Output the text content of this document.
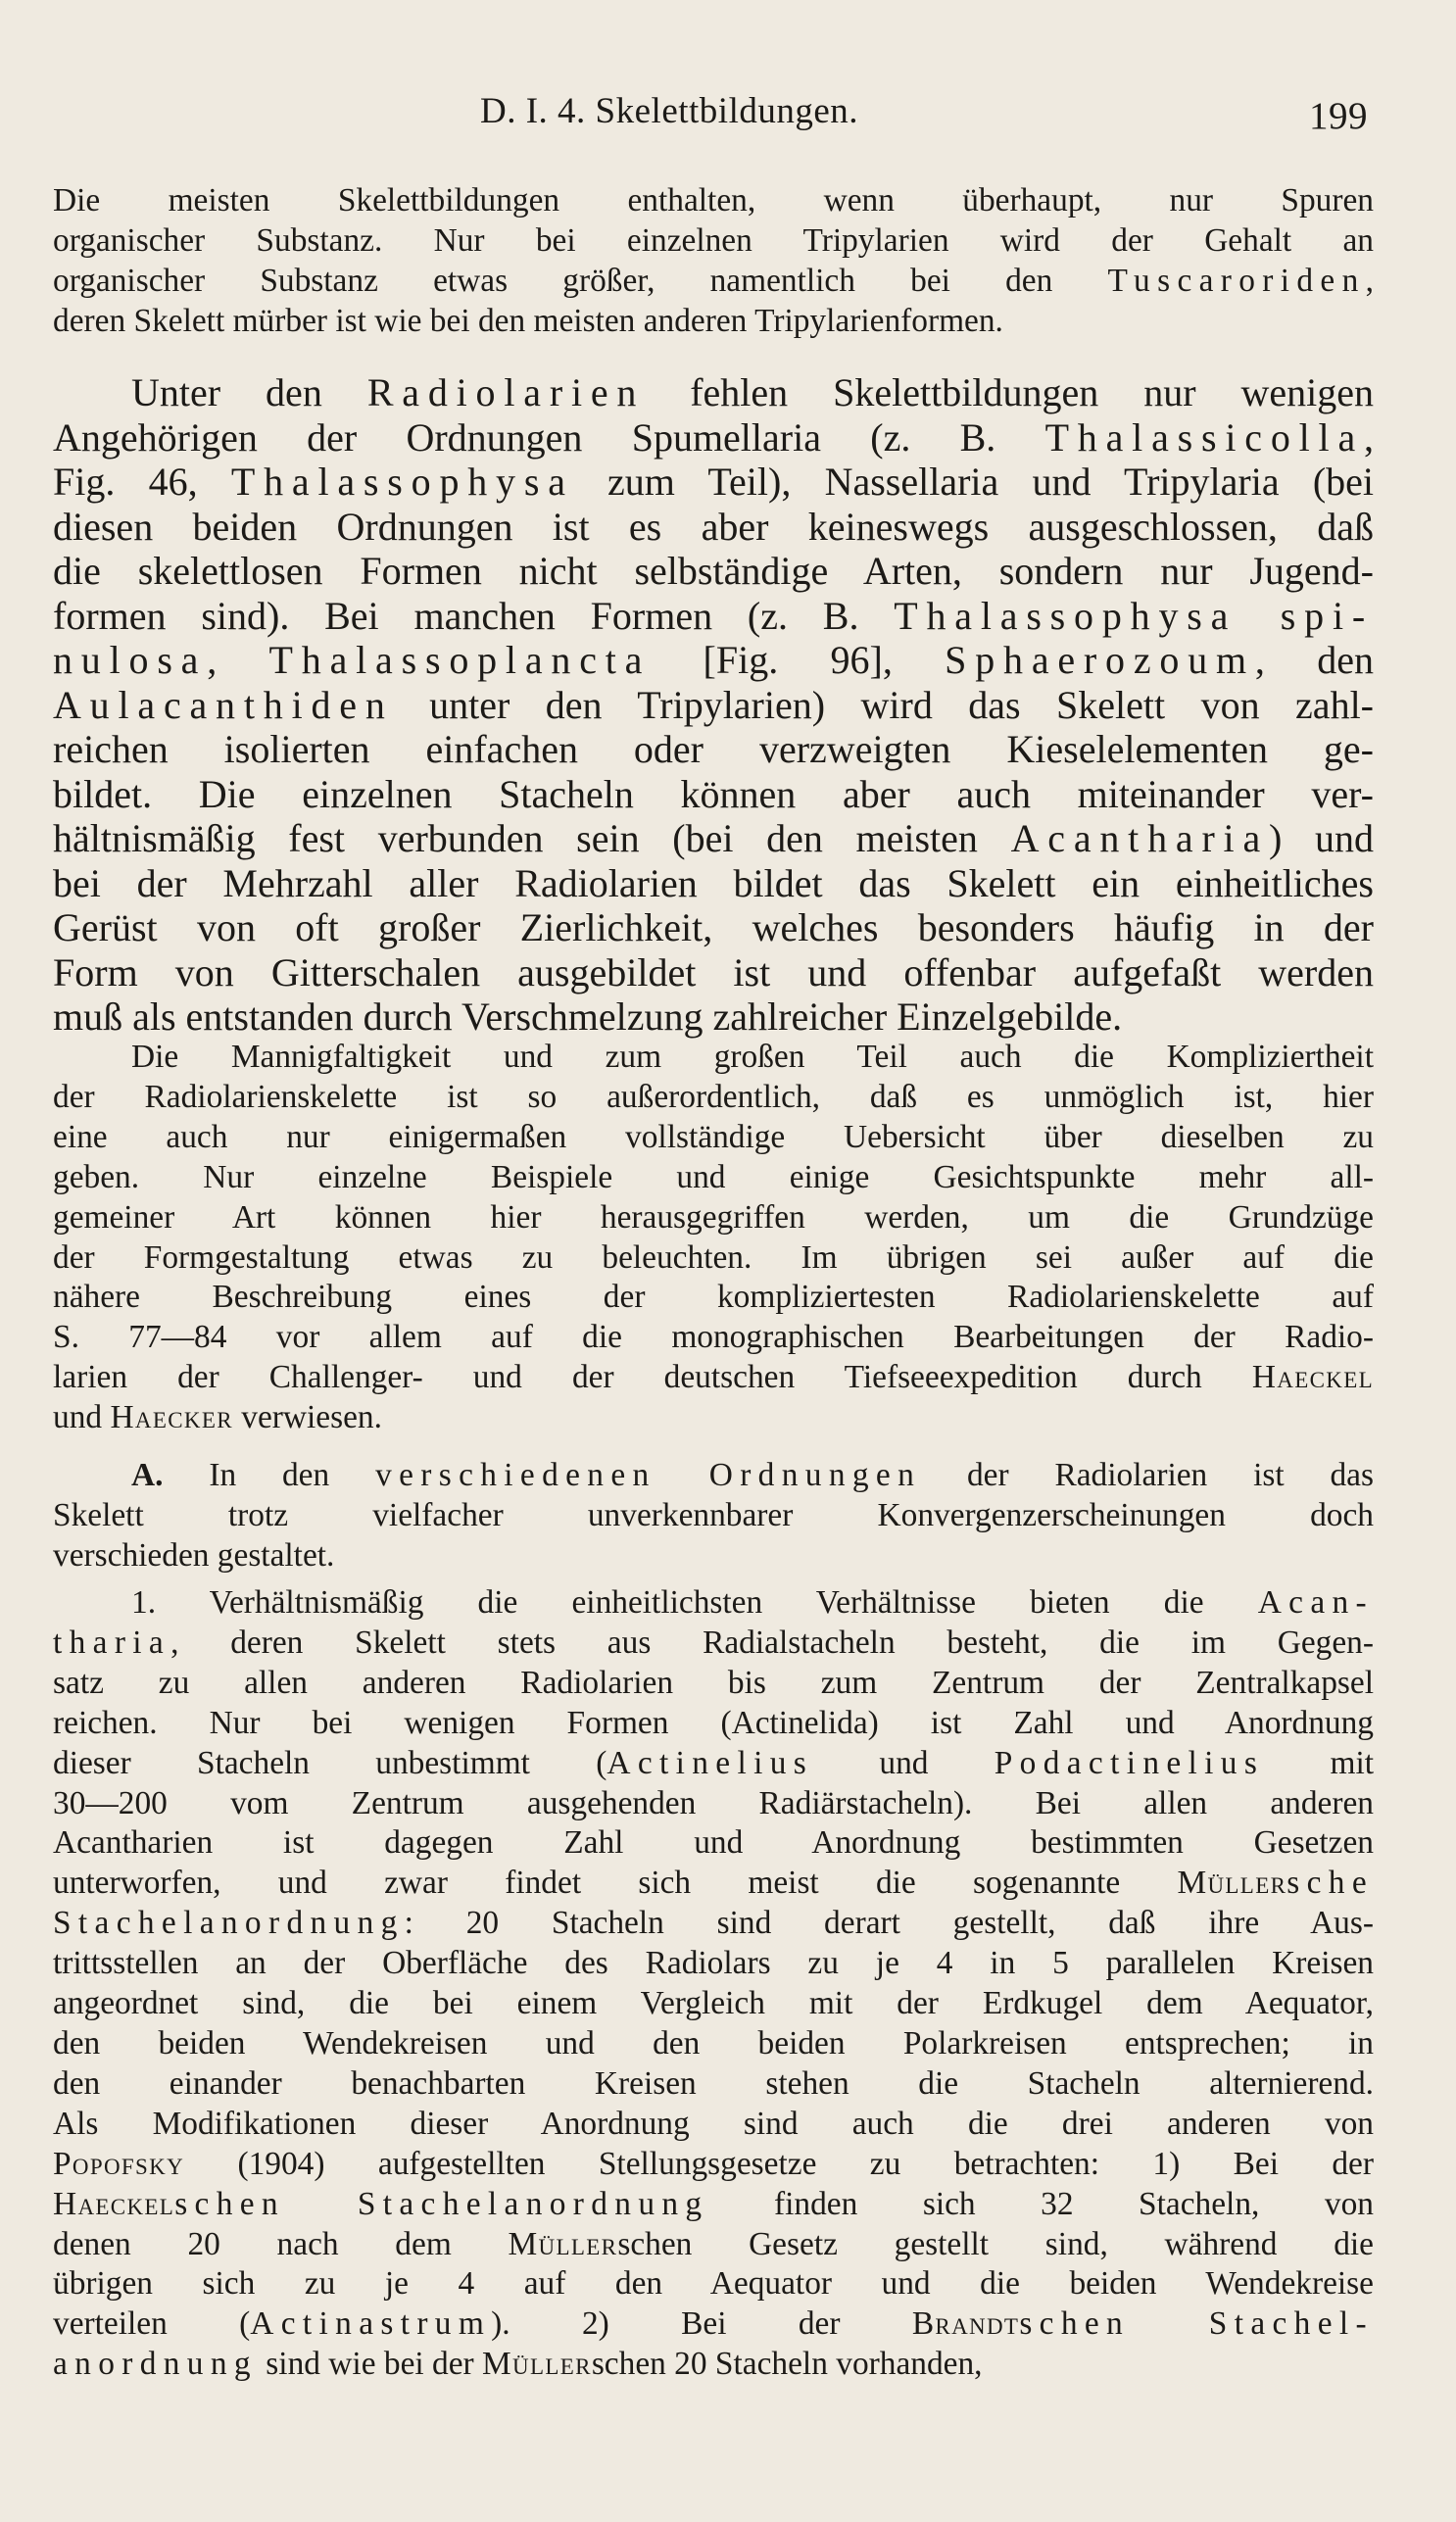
D. I. 4. Skelettbildungen.	199

Die meisten Skelettbildungen enthalten, wenn überhaupt, nur Spuren

organischer Substanz. Nur bei einzelnen Tripylarien wird der Gehalt an

organischer Substanz etwas größer, namentlich bei den Tuscaroriden,

deren Skelett mürber ist wie bei den meisten anderen Tripylarienformen.

Unter den Radiolarien fehlen Skelettbildungen nur wenigen

Angehörigen der Ordnungen Spumellaria (z. B. Thalassicolla,

Fig. 46, Thalassophysa zum Teil), Nassellaria und Tripylaria (bei

diesen beiden Ordnungen ist es aber keineswegs ausgeschlossen, daß

die skelettlosen Formen nicht selbständige Arten, sondern nur Jugend-

formen sind). Bei manchen Formen (z. B. Thalassophysa spi-

nulosa, Thalassoplancta [Fig. 96], Sphaerozoum, den

Aulacanthiden unter den Tripylarien) wird das Skelett von zahl-

reichen isolierten einfachen oder verzweigten Kieselelementen ge-

bildet. Die einzelnen Stacheln können aber auch miteinander ver-

hältnismäßig fest verbunden sein (bei den meisten Acantharia) und

bei der Mehrzahl aller Radiolarien bildet das Skelett ein einheitliches

Gerüst von oft großer Zierlichkeit, welches besonders häufig in der

Form von Gitterschalen ausgebildet ist und offenbar aufgefaßt werden

muß als entstanden durch Verschmelzung zahlreicher Einzelgebilde.

Die Mannigfaltigkeit und zum großen Teil auch die Kompliziertheit

der Radiolarienskelette ist so außerordentlich, daß es unmöglich ist, hier

eine auch nur einigermaßen vollständige Uebersicht über dieselben zu

geben. Nur einzelne Beispiele und einige Gesichtspunkte mehr all-

gemeiner Art können hier herausgegriffen werden, um die Grundzüge

der Formgestaltung etwas zu beleuchten. Im übrigen sei außer auf die

nähere Beschreibung eines der kompliziertesten Radiolarienskelette auf

S. 77—84 vor allem auf die monographischen Bearbeitungen der Radio-

larien der Challenger- und der deutschen Tiefseeexpedition durch Haeckel

und Haecker verwiesen.

A. In den verschiedenen Ordnungen der Radiolarien ist das

Skelett trotz vielfacher unverkennbarer Konvergenzerscheinungen doch

verschieden gestaltet.

1. Verhältnismäßig die einheitlichsten Verhältnisse bieten die Acan-

tharia, deren Skelett stets aus Radialstacheln besteht, die im Gegen-

satz zu allen anderen Radiolarien bis zum Zentrum der Zentralkapsel

reichen. Nur bei wenigen Formen (Actinelida) ist Zahl und Anordnung

dieser Stacheln unbestimmt (Actinelius und Podactinelius mit

30—200 vom Zentrum ausgehenden Radiärstacheln). Bei allen anderen

Acantharien ist dagegen Zahl und Anordnung bestimmten Gesetzen

unterworfen, und zwar findet sich meist die sogenannte Müllersche

Stachelanordnung: 20 Stacheln sind derart gestellt, daß ihre Aus-

trittsstellen an der Oberfläche des Radiolars zu je 4 in 5 parallelen Kreisen

angeordnet sind, die bei einem Vergleich mit der Erdkugel dem Aequator,

den beiden Wendekreisen und den beiden Polarkreisen entsprechen; in

den einander benachbarten Kreisen stehen die Stacheln alternierend.

Als Modifikationen dieser Anordnung sind auch die drei anderen von

Popofsky (1904) aufgestellten Stellungsgesetze zu betrachten: 1) Bei der

Haeckelschen Stachelanordnung finden sich 32 Stacheln, von

denen 20 nach dem Müllerschen Gesetz gestellt sind, während die

übrigen sich zu je 4 auf den Aequator und die beiden Wendekreise

verteilen (Actinastrum). 2) Bei der Brandtschen Stachel-

anordnung sind wie bei der Müllerschen 20 Stacheln vorhanden,
